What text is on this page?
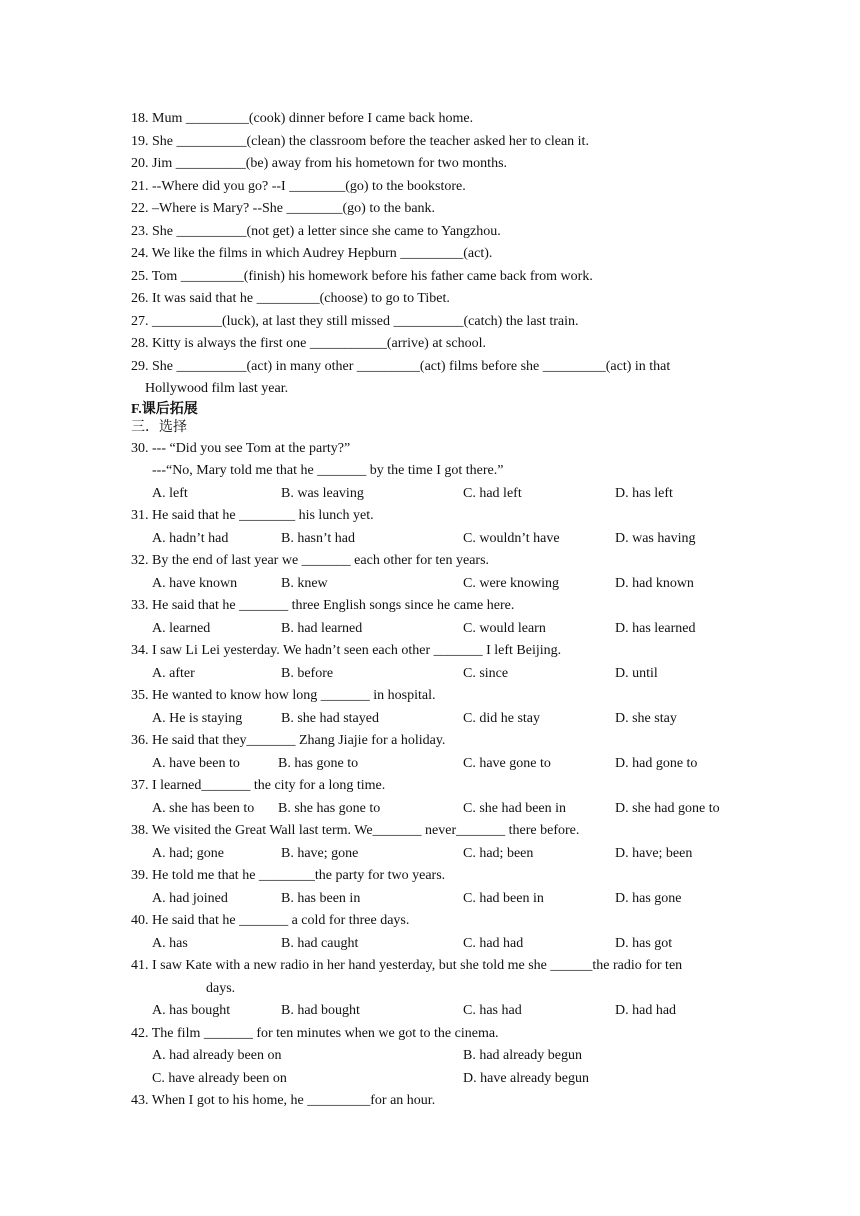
18. Mum _________(cook) dinner before I came back home.
19. She __________(clean) the classroom before the teacher asked her to clean it.
20. Jim __________(be) away from his hometown for two months.
21. --Where did you go? --I ________(go) to the bookstore.
22. –Where is Mary? --She ________(go) to the bank.
23. She __________(not get) a letter since she came to Yangzhou.
24. We like the films in which Audrey Hepburn _________(act).
25. Tom _________(finish) his homework before his father came back from work.
26. It was said that he _________(choose) to go to Tibet.
27. __________(luck), at last they still missed __________(catch) the last train.
28. Kitty is always the first one ___________(arrive) at school.
29. She __________(act) in many other _________(act) films before she _________(act) in that
Hollywood film last year.
F.课后拓展
三．选择
30. --- “Did you see Tom at the party?”
---“No, Mary told me that he _______ by the time I got there.”
A. left	B. was leaving	C. had left	D. has left
31. He said that he ________ his lunch yet.
A. hadn’t had	B. hasn’t had	C. wouldn’t have	D. was having
32. By the end of last year we _______ each other for ten years.
A. have known	B. knew	C. were knowing	D. had known
33. He said that he _______ three English songs since he came here.
A. learned	B. had learned	C. would learn	D. has learned
34. I saw Li Lei yesterday. We hadn’t seen each other _______ I left Beijing.
A. after	B. before	C. since	D. until
35. He wanted to know how long _______ in hospital.
A. He is staying	B. she had stayed	C. did he stay	D. she stay
36. He said that they_______ Zhang Jiajie for a holiday.
A. have been to	B. has gone to	C. have gone to	D. had gone to
37. I learned_______ the city for a long time.
A. she has been to B. she has gone to	C. she had been in	D. she had gone to
38. We visited the Great Wall last term. We_______ never_______ there before.
A. had; gone	B. have; gone	C. had; been	D. have; been
39. He told me that he ________the party for two years.
A. had joined	B. has been in	C. had been in	D. has gone
40. He said that he _______ a cold for three days.
A. has	B. had caught	C. had had	D. has got
41. I saw Kate with a new radio in her hand yesterday, but she told me she ______the radio for ten
days.
A. has bought	B. had bought	C. has had	D. had had
42. The film _______ for ten minutes when we got to the cinema.
A. had already been on	B. had already begun
C. have already been on	D. have already begun
43. When I got to his home, he _________for an hour.
